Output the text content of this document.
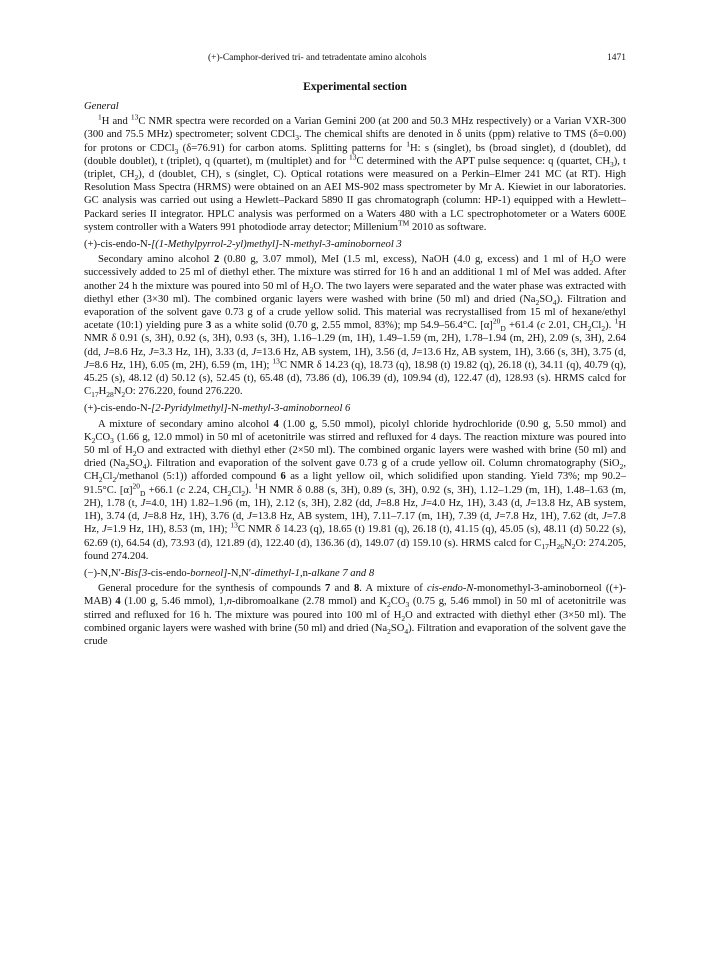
(+)-Camphor-derived tri- and tetradentate amino alcohols	1471
Experimental section
General

$^1$H and $^{13}$C NMR spectra were recorded on a Varian Gemini 200 (at 200 and 50.3 MHz respectively) or a Varian VXR-300 (300 and 75.5 MHz) spectrometer; solvent CDCl$_3$. The chemical shifts are denoted in δ units (ppm) relative to TMS (δ=0.00) for protons or CDCl$_3$ (δ=76.91) for carbon atoms. Splitting patterns for $^1$H: s (singlet), bs (broad singlet), d (doublet), dd (double doublet), t (triplet), q (quartet), m (multiplet) and for $^{13}$C determined with the APT pulse sequence: q (quartet, $CH_3$), t (triplet, $CH_2$), d (doublet, CH), s (singlet, C). Optical rotations were measured on a Perkin–Elmer 241 MC (at RT). High Resolution Mass Spectra (HRMS) were obtained on an AEI MS-902 mass spectrometer by Mr A. Kiewiet in our laboratories. GC analysis was carried out using a Hewlett–Packard 5890 II gas chromatograph (column: HP-1) equipped with a Hewlett–Packard series II integrator. HPLC analysis was performed on a Waters 480 with a LC spectrophotometer or a Waters 600E system controller with a Waters 991 photodiode array detector; Millenium™ 2010 as software.

(+)-cis-endo-N-[(1-Methylpyrrol-2-yl)methyl]-N-methyl-3-aminoborneol 3

Secondary amino alcohol 2 (0.80 g, 3.07 mmol), MeI (1.5 ml, excess), NaOH (4.0 g, excess) and 1 ml of $H_2O$ were successively added to 25 ml of diethyl ether. The mixture was stirred for 16 h and an additional 1 ml of MeI was added. After another 24 h the mixture was poured into 50 ml of $H_2O$. The two layers were separated and the water phase was extracted with diethyl ether (3×30 ml). The combined organic layers were washed with brine (50 ml) and dried $(Na_2SO_4)$. Filtration and evaporation of the solvent gave 0.73 g of a crude yellow solid. This material was recrystallised from 15 ml of hexane/ethyl acetate (10:1) yielding pure 3 as a white solid (0.70 g, 2.55 mmol, 83%); mp 54.9–56.4°C. $[\alpha]^{20}_D +61.4$ (c 2.01, $CH_2Cl_2$). $^1$H NMR δ 0.91 (s, 3H), 0.92 (s, 3H), 0.93 (s, 3H), 1.16–1.29 (m, 1H), 1.49–1.59 (m, 2H), 1.78–1.94 (m, 2H), 2.09 (s, 3H), 2.64 (dd, J=8.6 Hz, J=3.3 Hz, 1H), 3.33 (d, J=13.6 Hz, AB system, 1H), 3.56 (d, J=13.6 Hz, AB system, 1H), 3.66 (s, 3H), 3.75 (d, J=8.6 Hz, 1H), 6.05 (m, 2H), 6.59 (m, 1H); $^{13}$C NMR δ 14.23 (q), 18.73 (q), 18.98 (t) 19.82 (q), 26.18 (t), 34.11 (q), 40.79 (q), 45.25 (s), 48.12 (d) 50.12 (s), 52.45 (t), 65.48 (d), 73.86 (d), 106.39 (d), 109.94 (d), 122.47 (d), 128.93 (s). HRMS calcd for $C_{17}H_{28}N_2O$: 276.220, found 276.220.

(+)-cis-endo-N-[2-Pyridylmethyl]-N-methyl-3-aminoborneol 6

A mixture of secondary amino alcohol 4 (1.00 g, 5.50 mmol), picolyl chloride hydrochloride (0.90 g, 5.50 mmol) and $K_2CO_3$ (1.66 g, 12.0 mmol) in 50 ml of acetonitrile was stirred and refluxed for 4 days. The reaction mixture was poured into 50 ml of $H_2O$ and extracted with diethyl ether (2×50 ml). The combined organic layers were washed with brine (50 ml) and dried $(Na_2SO_4)$. Filtration and evaporation of the solvent gave 0.73 g of a crude yellow oil. Column chromatography (SiO$_2$, $CH_2Cl_2$/methanol (5:1)) afforded compound 6 as a light yellow oil, which solidified upon standing. Yield 73%; mp 90.2–91.5°C. $[\alpha]^{20}_D +66.1$ (c 2.24, $CH_2Cl_2$). $^1$H NMR δ 0.88 (s, 3H), 0.89 (s, 3H), 0.92 (s, 3H), 1.12–1.29 (m, 1H), 1.48–1.63 (m, 2H), 1.78 (t, J=4.0, 1H) 1.82–1.96 (m, 1H), 2.12 (s, 3H), 2.82 (dd, J=8.8 Hz, J=4.0 Hz, 1H), 3.43 (d, J=13.8 Hz, AB system, 1H), 3.74 (d, J=8.8 Hz, 1H), 3.76 (d, J=13.8 Hz, AB system, 1H), 7.11–7.17 (m, 1H), 7.39 (d, J=7.8 Hz, 1H), 7.62 (dt, J=7.8 Hz, J=1.9 Hz, 1H), 8.53 (m, 1H); $^{13}$C NMR δ 14.23 (q), 18.65 (t) 19.81 (q), 26.18 (t), 41.15 (q), 45.05 (s), 48.11 (d) 50.22 (s), 62.69 (t), 64.54 (d), 73.93 (d), 121.89 (d), 122.40 (d), 136.36 (d), 149.07 (d) 159.10 (s). HRMS calcd for $C_{17}H_{26}N_2O$: 274.205, found 274.204.

(−)-N,N′-Bis[3-cis-endo-borneol]-N,N′-dimethyl-1,n-alkane 7 and 8

General procedure for the synthesis of compounds 7 and 8. A mixture of cis-endo-N-monomethyl-3-aminoborneol ((+)-MAB) 4 (1.00 g, 5.46 mmol), 1,n-dibromoalkane (2.78 mmol) and $K_2CO_3$ (0.75 g, 5.46 mmol) in 50 ml of acetonitrile was stirred and refluxed for 16 h. The mixture was poured into 100 ml of $H_2O$ and extracted with diethyl ether (3×50 ml). The combined organic layers were washed with brine (50 ml) and dried $(Na_2SO_4)$. Filtration and evaporation of the solvent gave the crude
